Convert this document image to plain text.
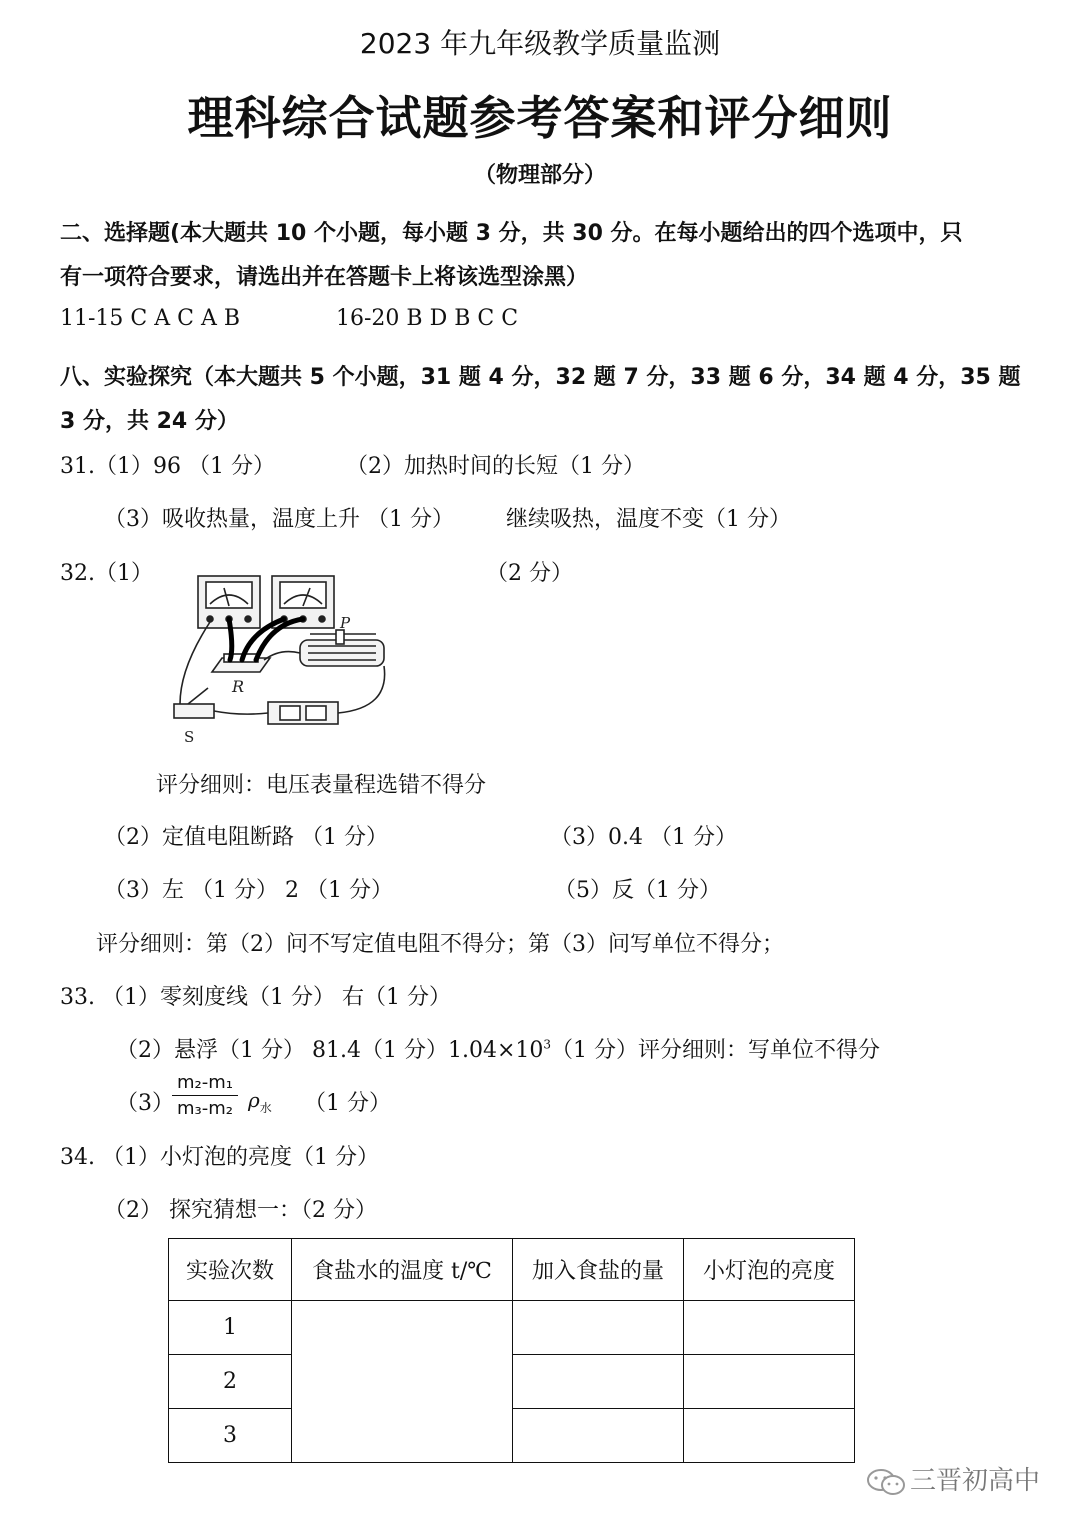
2023 年九年级教学质量监测
理科综合试题参考答案和评分细则
（物理部分）
二、选择题(本大题共 10 个小题，每小题 3 分，共 30 分。在每小题给出的四个选项中，只
有一项符合要求，请选出并在答题卡上将该选型涂黑）
11-15 C A C A B	16-20 B D B C C
八、实验探究（本大题共 5 个小题，31 题 4 分，32 题 7 分，33 题 6 分，34 题 4 分，35 题
3 分，共 24 分）
31.（1）96 （1 分）	（2）加热时间的长短（1 分）
（3）吸收热量，温度上升 （1 分） 继续吸热，温度不变（1 分）
32.（1）	（2 分）
R
P
S
评分细则：电压表量程选错不得分
（2）定值电阻断路 （1 分）	（3）0.4 （1 分）
（3）左 （1 分） 2 （1 分）	（5）反（1 分）
评分细则：第（2）问不写定值电阻不得分；第（3）问写单位不得分；
33. （1）零刻度线（1 分） 右（1 分）
（2）悬浮（1 分） 81.4（1 分）$1.04\times 10^3(1$ 分）评分细则：写单位不得分
（3）
$\frac{\text{m₂-m₁}}{\text{m₃-m₂}} \rho_水$ （1 分）
34. （1）小灯泡的亮度（1 分）
（2） 探究猜想一：（2 分）
实验次数	食盐水的温度 t/℃	加入食盐的量	小灯泡的亮度
1			
2			
3			
三晋初高中
